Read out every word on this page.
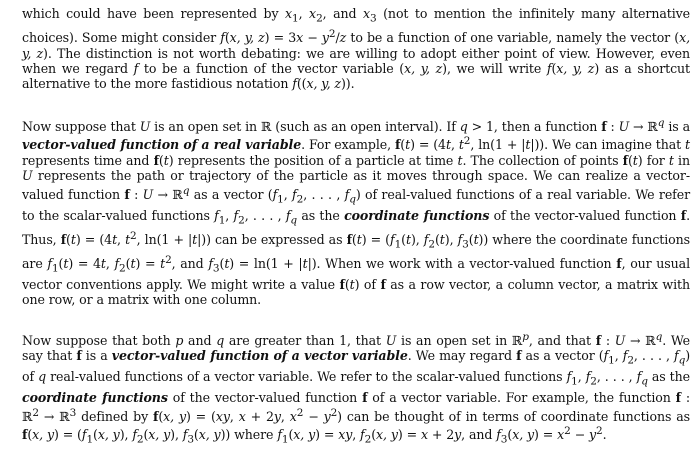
which could have been represented by $x_1$, $x_2$, and $x_3$ (not to mention the infinitely many alternative choices). Some might consider f(x, y, $z) = 3x - y^2/z$ to be a function of one variable, namely the vector (x, y, z). The distinction is not worth debating: we are willing to adopt either point of view. However, even when we regard f to be a function of the vector variable (x, y, z), we will write f(x, y, z) as a shortcut alternative to the more fastidious notation f((x, y, z)).

Now suppose that U is an open set in ℝ (such as an open interval). If q > 1, then a function f : U → ℝ$^q$ is a vector-valued function of a real variable. For example, f(t) = (4t, $t^2$, ln(1 + |t|)). We can imagine that t represents time and f(t) represents the position of a particle at time t. The collection of points f(t) for t in U represents the path or trajectory of the particle as it moves through space. We can realize a vector-valued function f : U → ℝ$^q$ as a vector ($f_1$, $f_2$, . . . , $f_q$) of real-valued functions of a real variable. We refer to the scalar-valued functions $f_1$, $f_2$, . . . , $f_q$ as the coordinate functions of the vector-valued function f. Thus, f(t) = (4t, $t^2$, ln(1 + |t|)) can be expressed as $f(t) = (f_1(t)$, $f_2(t)$, $f_3(t)$) where the coordinate functions are $f_1(t) = 4t$, $f_2(t) = t^2$, and $f_3(t) = \ln(1 + |t|)$. When we work with a vector-valued function f, our usual vector conventions apply. We might write a value f(t) of f as a row vector, a column vector, a matrix with one row, or a matrix with one column.

Now suppose that both p and q are greater than 1, that U is an open set in ℝ$^p$, and that f : U → ℝ$^q$. We say that f is a vector-valued function of a vector variable. We may regard f as a vector ($f_1$, $f_2$, . . . , $f_q$) of q real-valued functions of a vector variable. We refer to the scalar-valued functions $f_1$, $f_2$, . . . , $f_q$ as the coordinate functions of the vector-valued function f of a vector variable. For example, the function f : ℝ$^2$ → ℝ$^3$ defined by f(x, y) = (xy, x + 2y, $x^2 - y^2$) can be thought of in terms of coordinate functions as f(x, $y) = (f_1(x$, y), $f_2(x$, y), $f_3(x$, y)) where $f_1(x$, y) = xy, $f_2(x$, y) = x + 2y, and $f_3(x$, $y) = x^2 - y^2$.
